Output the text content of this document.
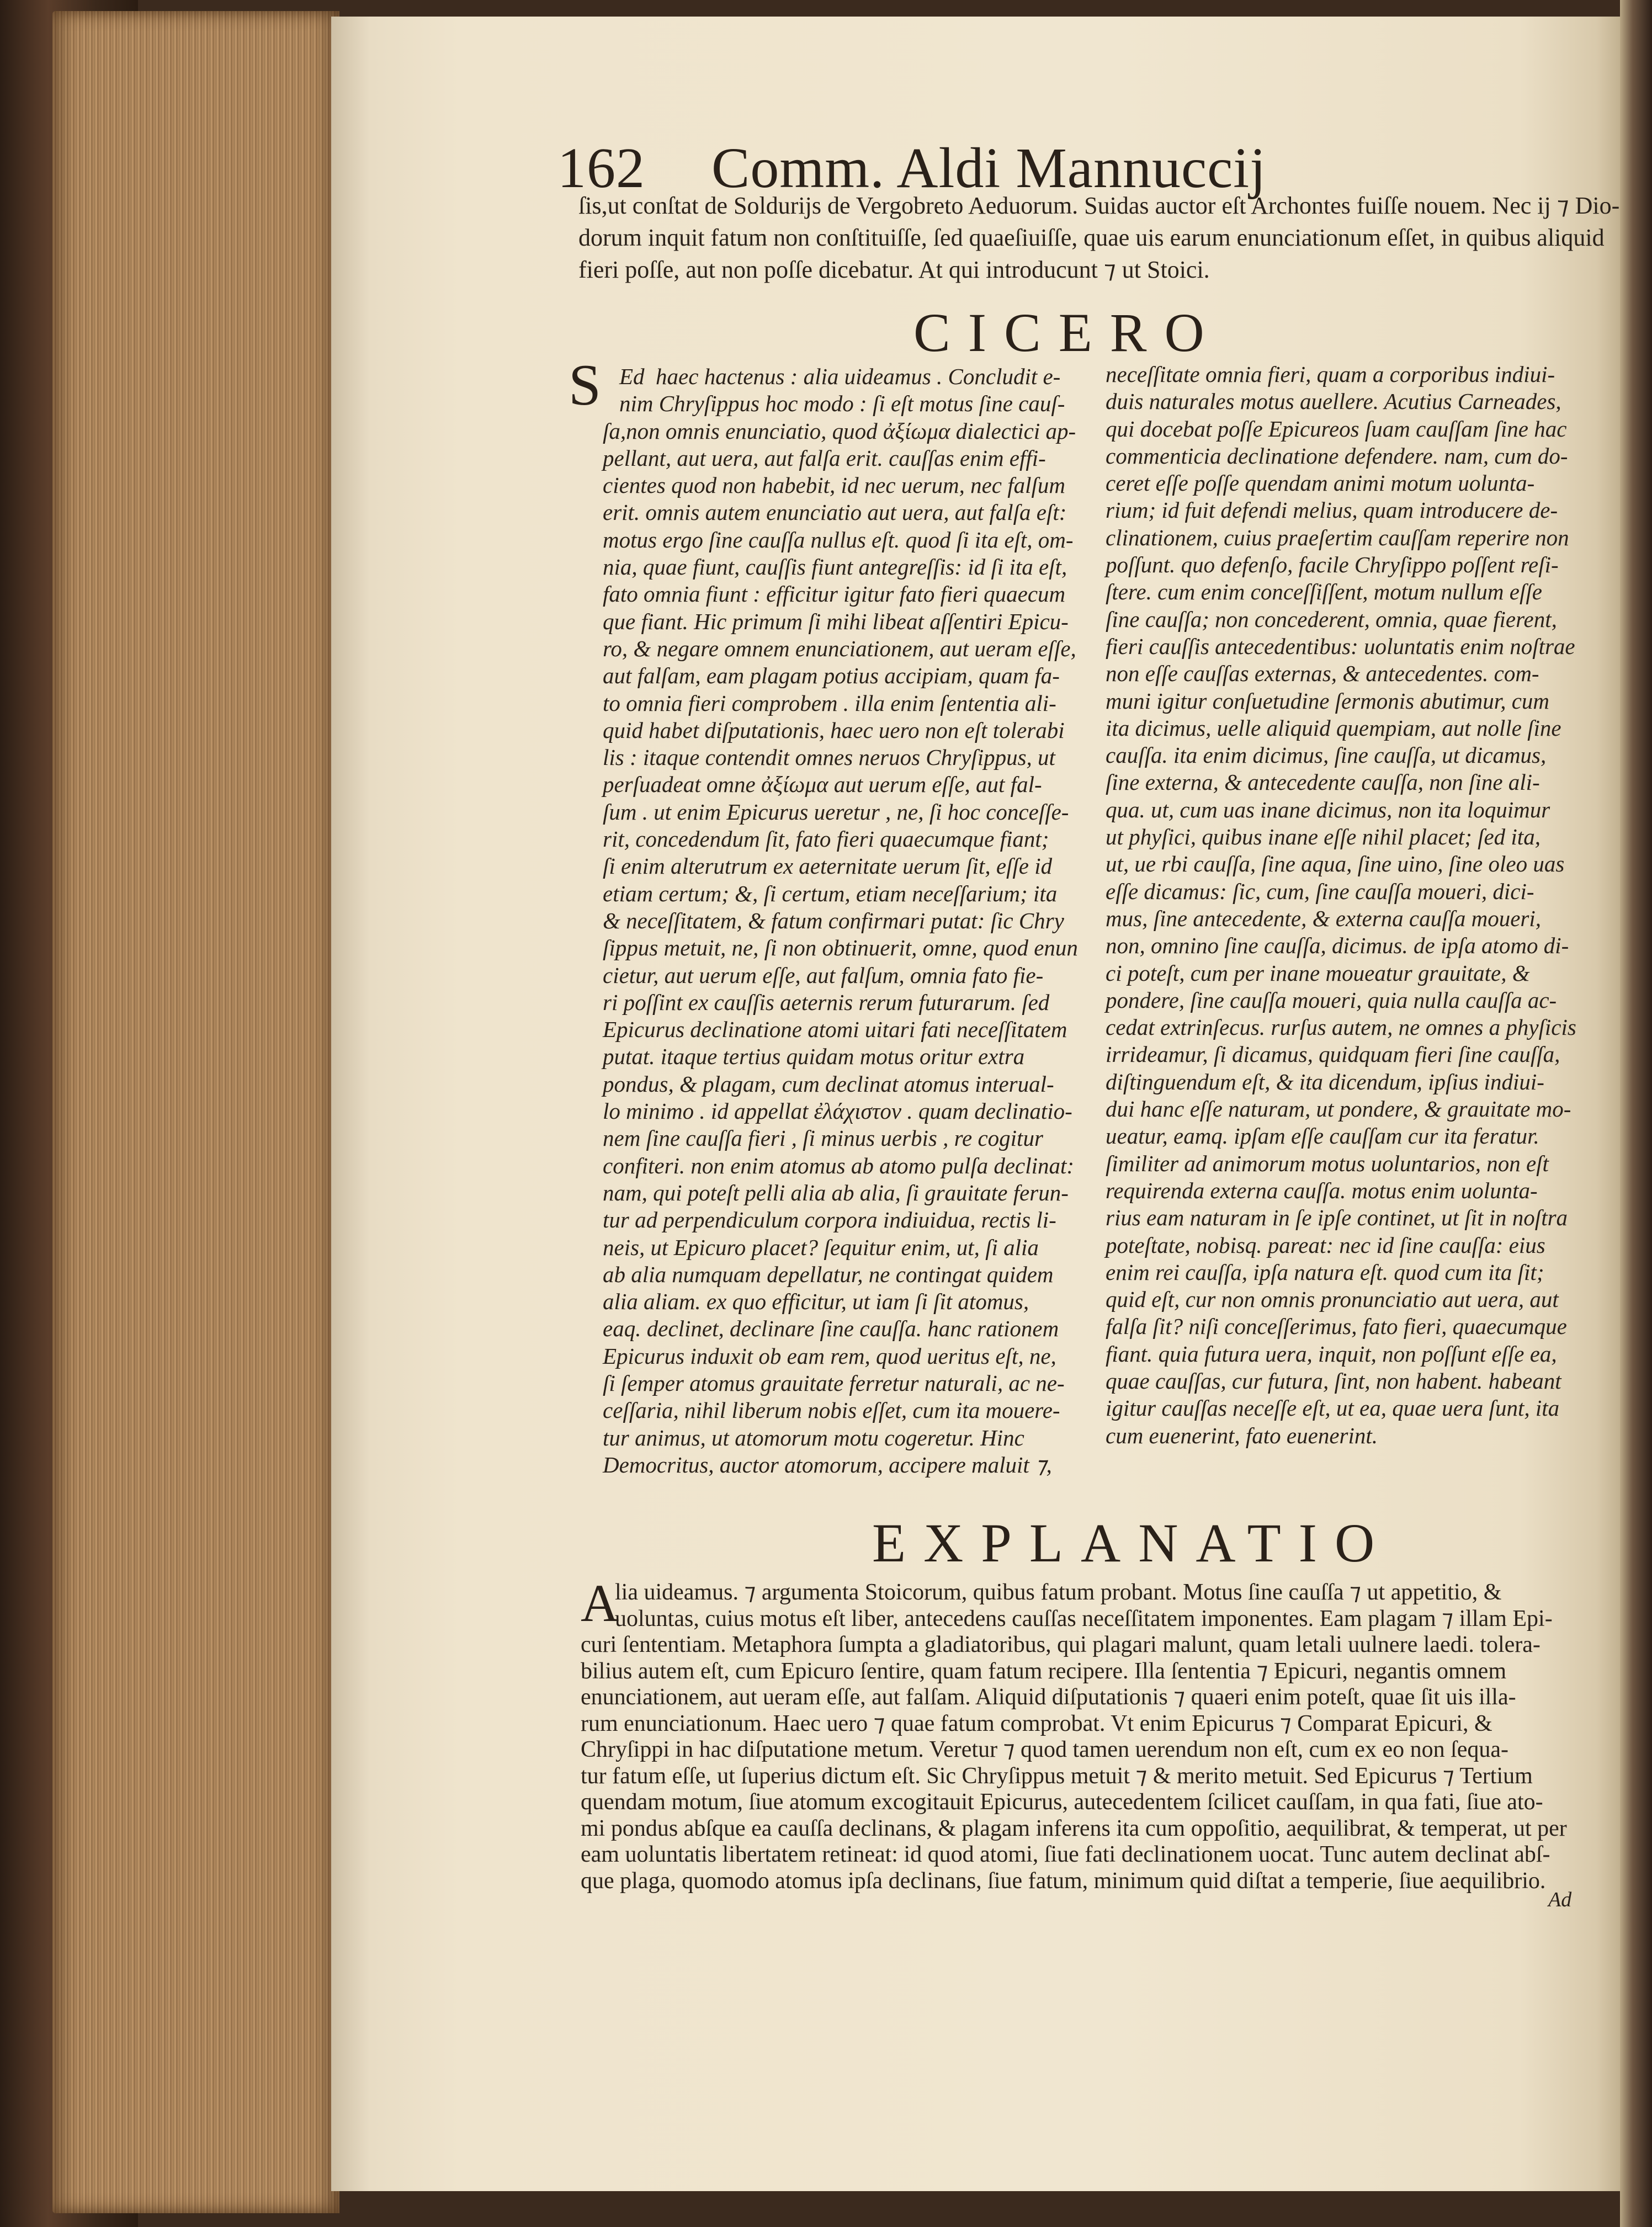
162 Comm. Aldi Mannuccij

ſis,ut conſtat de Soldurijs de Vergobreto Aeduorum. Suidas auctor eſt Archontes fuiſſe nouem. Nec ij ⁊ Dio-

dorum inquit fatum non conſtituiſſe, ſed quaeſiuiſſe, quae uis earum enunciationum eſſet, in quibus aliquid

fieri poſſe, aut non poſſe dicebatur. At qui introducunt ⁊ ut Stoici.

CICERO
S Ed  haec hactenus : alia uideamus . Concludit e-
nim Chryſippus hoc modo : ſi eſt motus ſine cauſ-
ſa,non omnis enunciatio, quod ἀξίωμα dialectici ap-
pellant, aut uera, aut falſa erit. cauſſas enim effi-
cientes quod non habebit, id nec uerum, nec falſum
erit. omnis autem enunciatio aut uera, aut falſa eſt:
motus ergo ſine cauſſa nullus eſt. quod ſi ita eſt, om-
nia, quae fiunt, cauſſis fiunt antegreſſis: id ſi ita eſt,
fato omnia fiunt : efficitur igitur fato fieri quaecum
que fiant. Hic primum ſi mihi libeat aſſentiri Epicu-
ro, & negare omnem enunciationem, aut ueram eſſe,
aut falſam, eam plagam potius accipiam, quam fa-
to omnia fieri comprobem . illa enim ſententia ali-
quid habet diſputationis, haec uero non eſt tolerabi
lis : itaque contendit omnes neruos Chryſippus, ut
perſuadeat omne ἀξίωμα aut uerum eſſe, aut fal-
ſum . ut enim Epicurus ueretur , ne, ſi hoc conceſſe-
rit, concedendum ſit, fato fieri quaecumque fiant;
ſi enim alterutrum ex aeternitate uerum ſit, eſſe id
etiam certum; &, ſi certum, etiam neceſſarium; ita
& neceſſitatem, & fatum confirmari putat: ſic Chry
ſippus metuit, ne, ſi non obtinuerit, omne, quod enun
cietur, aut uerum eſſe, aut falſum, omnia fato fie-
ri poſſint ex cauſſis aeternis rerum futurarum. ſed
Epicurus declinatione atomi uitari fati neceſſitatem
putat. itaque tertius quidam motus oritur extra
pondus, & plagam, cum declinat atomus interual-
lo minimo . id appellat ἐλάχιστον . quam declinatio-
nem ſine cauſſa fieri , ſi minus uerbis , re cogitur
confiteri. non enim atomus ab atomo pulſa declinat:
nam, qui poteſt pelli alia ab alia, ſi grauitate ferun-
tur ad perpendiculum corpora indiuidua, rectis li-
neis, ut Epicuro placet? ſequitur enim, ut, ſi alia
ab alia numquam depellatur, ne contingat quidem
alia aliam. ex quo efficitur, ut iam ſi ſit atomus,
eaq. declinet, declinare ſine cauſſa. hanc rationem
Epicurus induxit ob eam rem, quod ueritus eſt, ne,
ſi ſemper atomus grauitate ferretur naturali, ac ne-
ceſſaria, nihil liberum nobis eſſet, cum ita mouere-
tur animus, ut atomorum motu cogeretur. Hinc
Democritus, auctor atomorum, accipere maluit ⁊,
neceſſitate omnia fieri, quam a corporibus indiui-
duis naturales motus auellere. Acutius Carneades,
qui docebat poſſe Epicureos ſuam cauſſam ſine hac
commenticia declinatione defendere. nam, cum do-
ceret eſſe poſſe quendam animi motum uolunta-
rium; id fuit defendi melius, quam introducere de-
clinationem, cuius praeſertim cauſſam reperire non
poſſunt. quo defenſo, facile Chryſippo poſſent reſi-
ſtere. cum enim conceſſiſſent, motum nullum eſſe
ſine cauſſa; non concederent, omnia, quae fierent,
fieri cauſſis antecedentibus: uoluntatis enim noſtrae
non eſſe cauſſas externas, & antecedentes. com-
muni igitur conſuetudine ſermonis abutimur, cum
ita dicimus, uelle aliquid quempiam, aut nolle ſine
cauſſa. ita enim dicimus, ſine cauſſa, ut dicamus,
ſine externa, & antecedente cauſſa, non ſine ali-
qua. ut, cum uas inane dicimus, non ita loquimur
ut phyſici, quibus inane eſſe nihil placet; ſed ita,
ut, ue rbi cauſſa, ſine aqua, ſine uino, ſine oleo uas
eſſe dicamus: ſic, cum, ſine cauſſa moueri, dici-
mus, ſine antecedente, & externa cauſſa moueri,
non, omnino ſine cauſſa, dicimus. de ipſa atomo di-
ci poteſt, cum per inane moueatur grauitate, &
pondere, ſine cauſſa moueri, quia nulla cauſſa ac-
cedat extrinſecus. rurſus autem, ne omnes a phyſicis
irrideamur, ſi dicamus, quidquam fieri ſine cauſſa,
diſtinguendum eſt, & ita dicendum, ipſius indiui-
dui hanc eſſe naturam, ut pondere, & grauitate mo-
ueatur, eamq. ipſam eſſe cauſſam cur ita feratur.
ſimiliter ad animorum motus uoluntarios, non eſt
requirenda externa cauſſa. motus enim uolunta-
rius eam naturam in ſe ipſe continet, ut ſit in noſtra
poteſtate, nobisq. pareat: nec id ſine cauſſa: eius
enim rei cauſſa, ipſa natura eſt. quod cum ita ſit;
quid eſt, cur non omnis pronunciatio aut uera, aut
falſa ſit? niſi conceſſerimus, fato fieri, quaecumque
fiant. quia futura uera, inquit, non poſſunt eſſe ea,
quae cauſſas, cur futura, ſint, non habent. habeant
igitur cauſſas neceſſe eſt, ut ea, quae uera ſunt, ita
cum euenerint, fato euenerint.
EXPLANATIO
A
lia uideamus. ⁊ argumenta Stoicorum, quibus fatum probant. Motus ſine cauſſa ⁊ ut appetitio, &
uoluntas, cuius motus eſt liber, antecedens cauſſas neceſſitatem imponentes. Eam plagam ⁊ illam Epi-
curi ſententiam. Metaphora ſumpta a gladiatoribus, qui plagari malunt, quam letali uulnere laedi. tolera-
bilius autem eſt, cum Epicuro ſentire, quam fatum recipere. Illa ſententia ⁊ Epicuri, negantis omnem
enunciationem, aut ueram eſſe, aut falſam. Aliquid diſputationis ⁊ quaeri enim poteſt, quae ſit uis illa-
rum enunciationum. Haec uero ⁊ quae fatum comprobat. Vt enim Epicurus ⁊ Comparat Epicuri, &
Chryſippi in hac diſputatione metum. Veretur ⁊ quod tamen uerendum non eſt, cum ex eo non ſequa-
tur fatum eſſe, ut ſuperius dictum eſt. Sic Chryſippus metuit ⁊ & merito metuit. Sed Epicurus ⁊ Tertium
quendam motum, ſiue atomum excogitauit Epicurus, autecedentem ſcilicet cauſſam, in qua fati, ſiue ato-
mi pondus abſque ea cauſſa declinans, & plagam inferens ita cum oppoſitio, aequilibrat, & temperat, ut per
eam uoluntatis libertatem retineat: id quod atomi, ſiue fati declinationem uocat. Tunc autem declinat abſ-
que plaga, quomodo atomus ipſa declinans, ſiue fatum, minimum quid diſtat a temperie, ſiue aequilibrio.
Ad
